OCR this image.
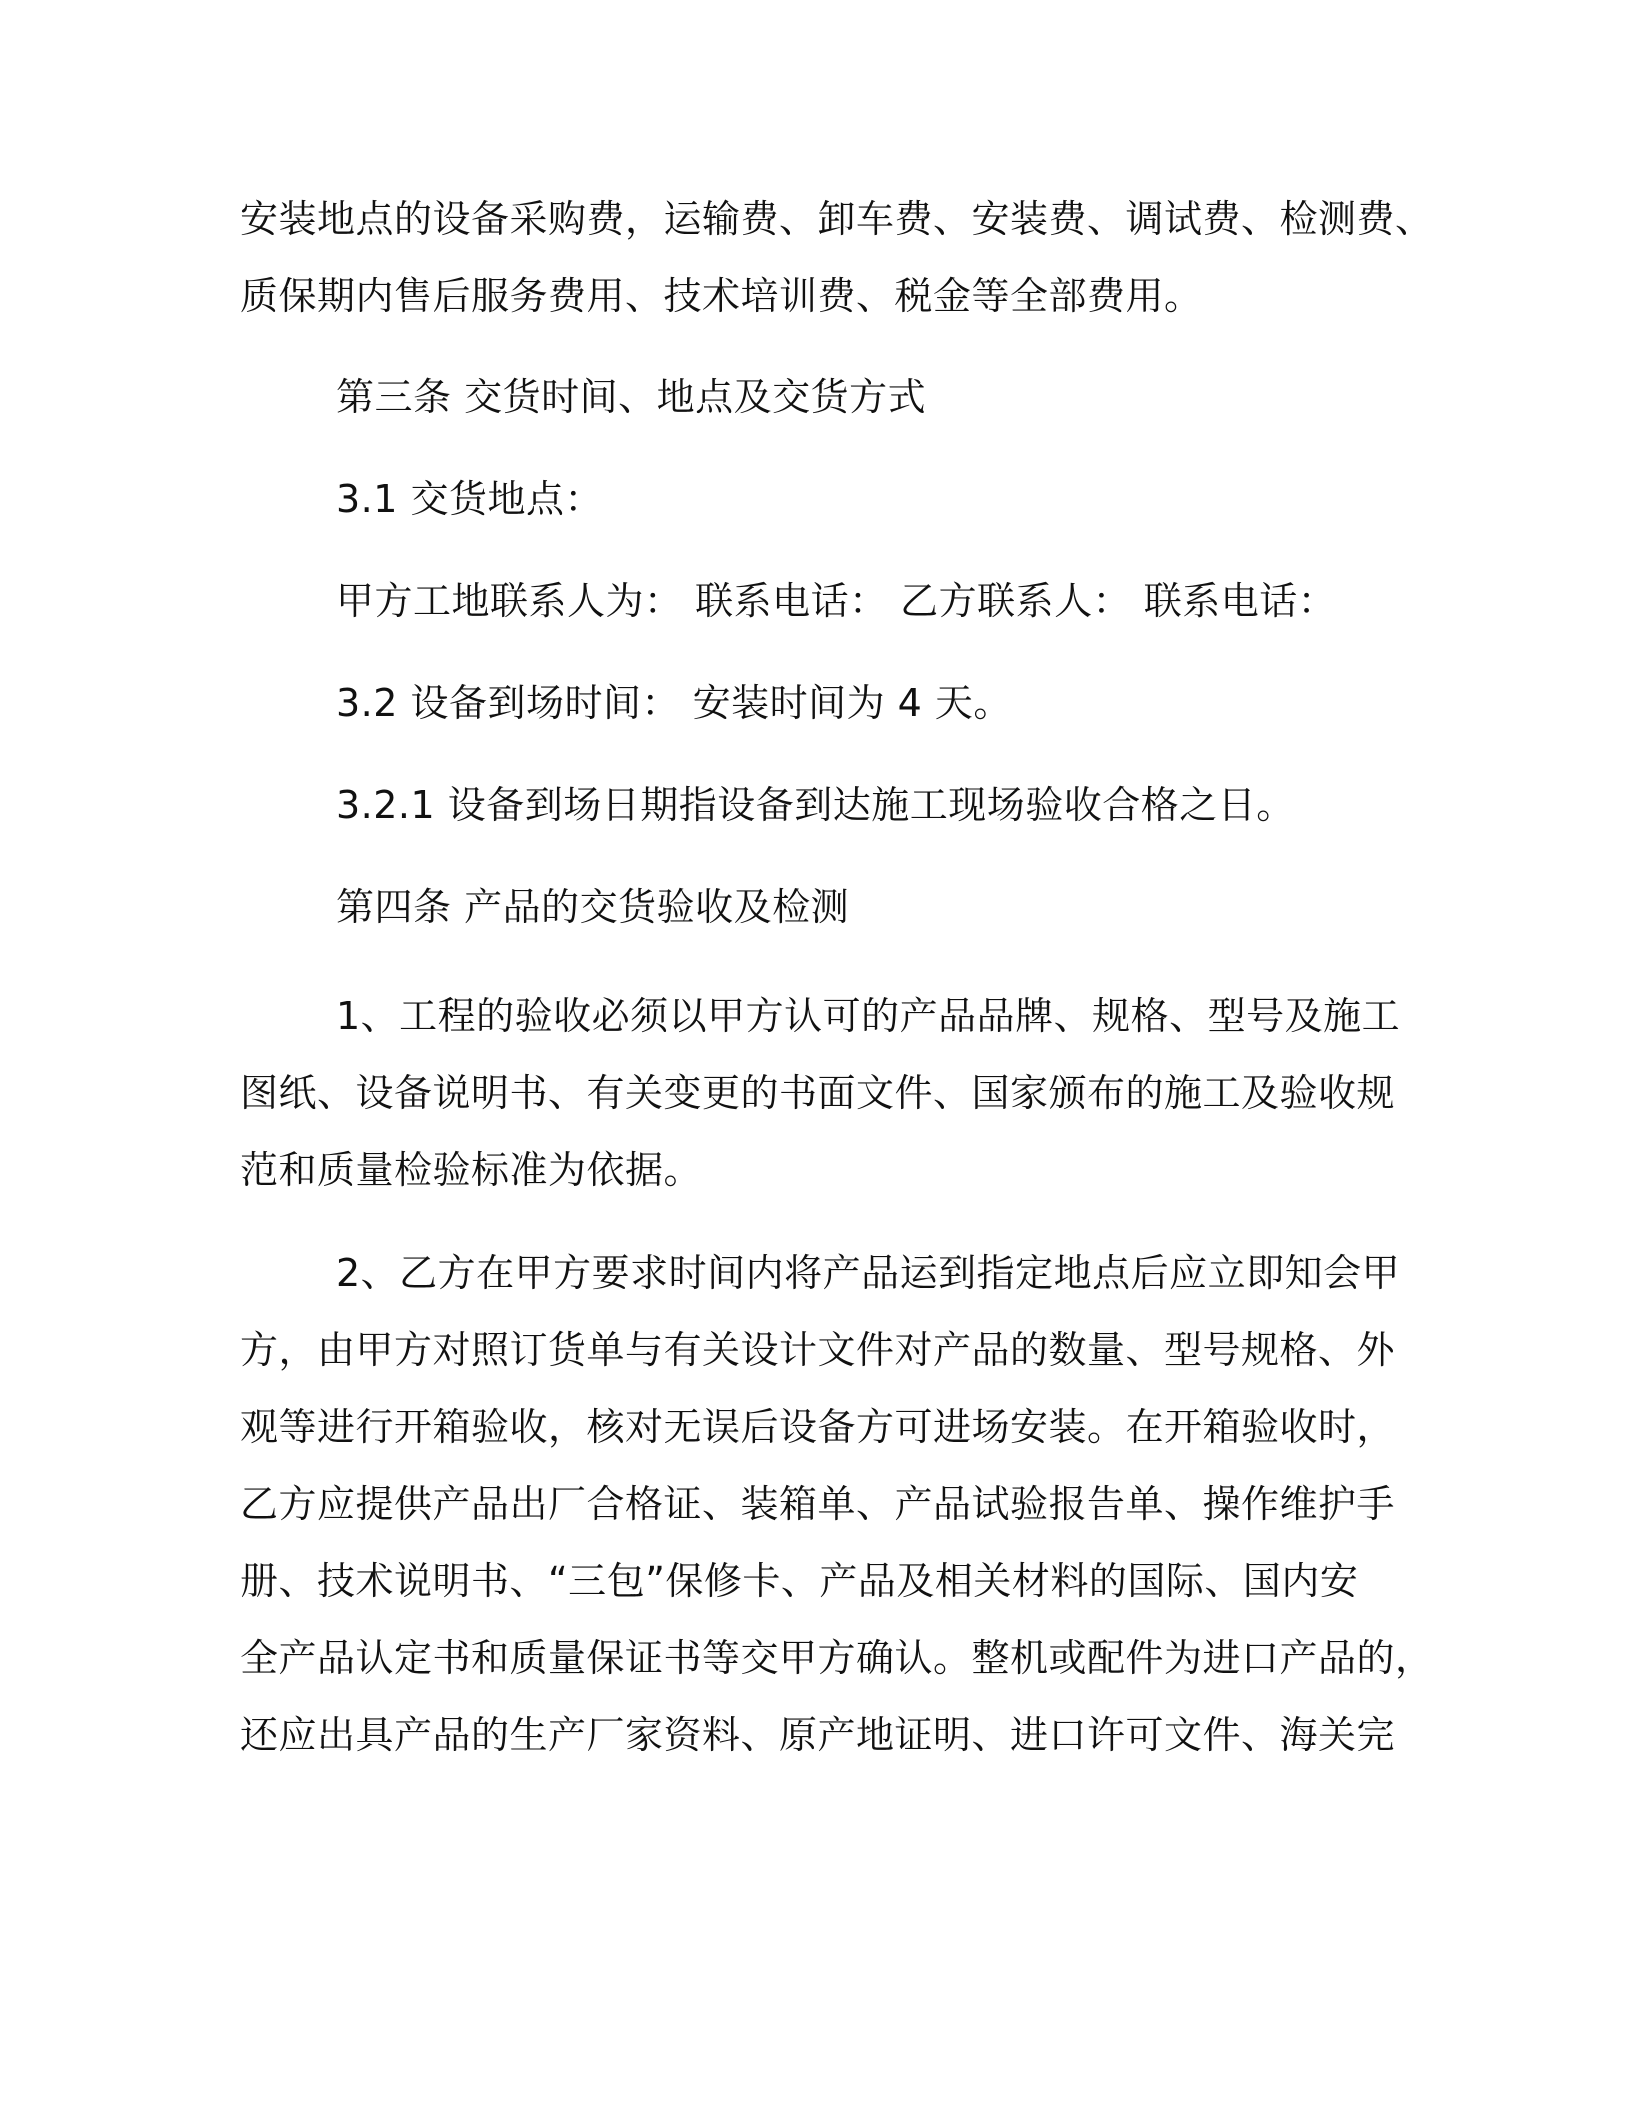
安装地点的设备采购费，运输费、卸车费、安装费、调试费、检测费、
质保期内售后服务费用、技术培训费、税金等全部费用。
第三条 交货时间、地点及交货方式
3.1 交货地点：
甲方工地联系人为： 联系电话： 乙方联系人： 联系电话：
3.2 设备到场时间： 安装时间为 4 天。
3.2.1 设备到场日期指设备到达施工现场验收合格之日。
第四条 产品的交货验收及检测
1、工程的验收必须以甲方认可的产品品牌、规格、型号及施工
图纸、设备说明书、有关变更的书面文件、国家颁布的施工及验收规
范和质量检验标准为依据。
2、乙方在甲方要求时间内将产品运到指定地点后应立即知会甲
方，由甲方对照订货单与有关设计文件对产品的数量、型号规格、外
观等进行开箱验收，核对无误后设备方可进场安装。在开箱验收时，
乙方应提供产品出厂合格证、装箱单、产品试验报告单、操作维护手
册、技术说明书、“三包”保修卡、产品及相关材料的国际、国内安
全产品认定书和质量保证书等交甲方确认。整机或配件为进口产品的，
还应出具产品的生产厂家资料、原产地证明、进口许可文件、海关完
